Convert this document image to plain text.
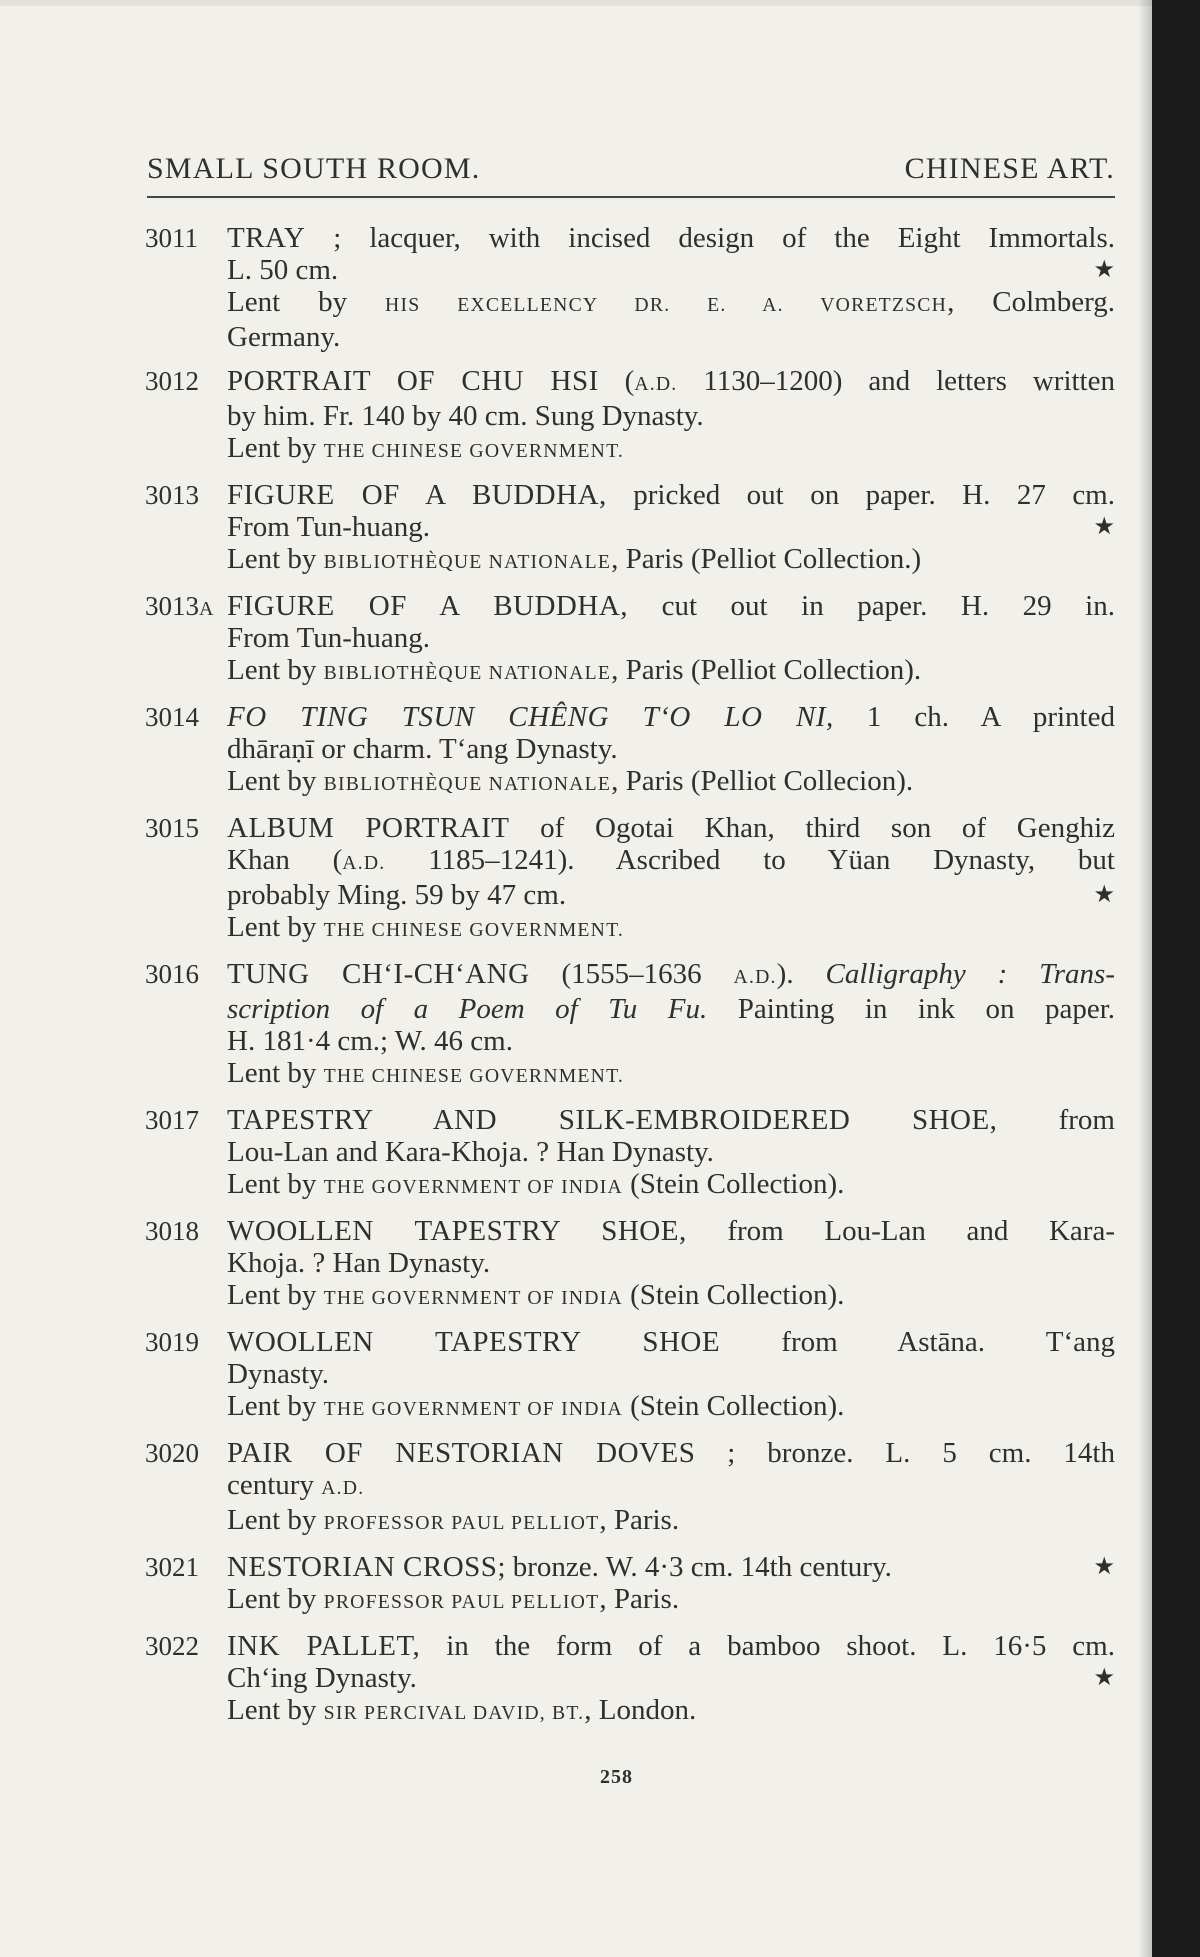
SMALL SOUTH ROOM.	CHINESE ART.
3011	TRAY ; lacquer, with incised design of the Eight Immortals.
L. 50 cm.	★
Lent by HIS EXCELLENCY DR. E. A. VORETZSCH, Colmberg.
Germany.
3012 PORTRAIT OF CHU HSI (A.D. 1130–1200) and letters written
by him. Fr. 140 by 40 cm. Sung Dynasty.
Lent by THE CHINESE GOVERNMENT.
3013 FIGURE OF A BUDDHA, pricked out on paper. H. 27 cm.
From Tun-huang.	★
Lent by BIBLIOTHÈQUE NATIONALE, Paris (Pelliot Collection.)
3013A FIGURE OF A BUDDHA, cut out in paper. H. 29 in.
From Tun-huang.
Lent by BIBLIOTHÈQUE NATIONALE, Paris (Pelliot Collection).
3014 FO TING TSUN CHÊNG T‘O LO NI, 1 ch. A printed
dhāraṇī or charm. T‘ang Dynasty.
Lent by BIBLIOTHÈQUE NATIONALE, Paris (Pelliot Collecion).
3015 ALBUM PORTRAIT of Ogotai Khan, third son of Genghiz
Khan (A.D. 1185–1241). Ascribed to Yüan Dynasty, but
probably Ming. 59 by 47 cm.	★
Lent by THE CHINESE GOVERNMENT.
3016 TUNG CH‘I-CH‘ANG (1555–1636 A.D.). Calligraphy : Trans-
scription of a Poem of Tu Fu. Painting in ink on paper.
H. 181·4 cm.; W. 46 cm.
Lent by THE CHINESE GOVERNMENT.
3017 TAPESTRY AND SILK-EMBROIDERED SHOE, from
Lou-Lan and Kara-Khoja. ? Han Dynasty.
Lent by THE GOVERNMENT OF INDIA (Stein Collection).
3018 WOOLLEN TAPESTRY SHOE, from Lou-Lan and Kara-
Khoja. ? Han Dynasty.
Lent by THE GOVERNMENT OF INDIA (Stein Collection).
3019 WOOLLEN TAPESTRY SHOE from Astāna. T‘ang
Dynasty.
Lent by THE GOVERNMENT OF INDIA (Stein Collection).
3020 PAIR OF NESTORIAN DOVES ; bronze. L. 5 cm. 14th
century A.D.
Lent by PROFESSOR PAUL PELLIOT, Paris.
3021 NESTORIAN CROSS; bronze. W. 4·3 cm. 14th century.	★
Lent by PROFESSOR PAUL PELLIOT, Paris.
3022 INK PALLET, in the form of a bamboo shoot. L. 16·5 cm.
Ch‘ing Dynasty.	★
Lent by SIR PERCIVAL DAVID, BT., London.
258
